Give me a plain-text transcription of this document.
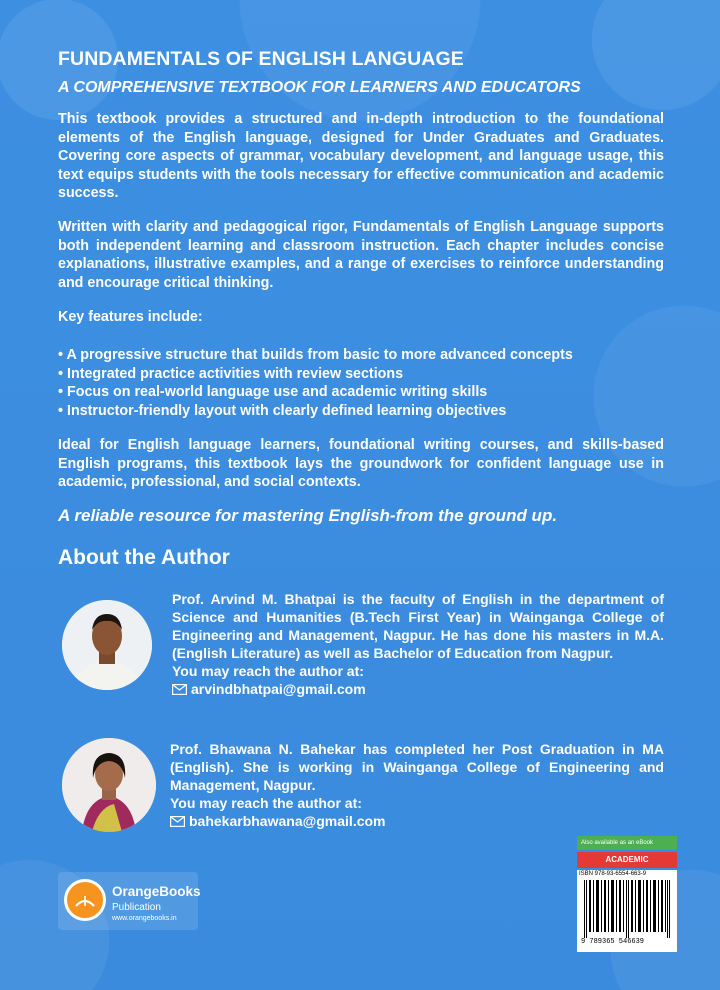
FUNDAMENTALS OF ENGLISH LANGUAGE
A COMPREHENSIVE TEXTBOOK FOR LEARNERS AND EDUCATORS

This textbook provides a structured and in-depth introduction to the foundational elements of the English language, designed for Under Graduates and Graduates. Covering core aspects of grammar, vocabulary development, and language usage, this text equips students with the tools necessary for effective communication and academic success.

Written with clarity and pedagogical rigor, Fundamentals of English Language supports both independent learning and classroom instruction. Each chapter includes concise explanations, illustrative examples, and a range of exercises to reinforce understanding and encourage critical thinking.

Key features include:
• A progressive structure that builds from basic to more advanced concepts
• Integrated practice activities with review sections
• Focus on real-world language use and academic writing skills
• Instructor-friendly layout with clearly defined learning objectives

Ideal for English language learners, foundational writing courses, and skills-based English programs, this textbook lays the groundwork for confident language use in academic, professional, and social contexts.

A reliable resource for mastering English-from the ground up.
About the Author
Prof. Arvind M. Bhatpai is the faculty of English in the department of Science and Humanities (B.Tech First Year) in Wainganga College of Engineering and Management, Nagpur. He has done his masters in M.A.(English Literature) as well as Bachelor of Education from Nagpur.
You may reach the author at:
arvindbhatpai@gmail.com
Prof. Bhawana N. Bahekar has completed her Post Graduation in MA (English). She is working in Wainganga College of Engineering and Management, Nagpur.
You may reach the author at:
bahekarbhawana@gmail.com
OrangeBooks
Publication
www.orangebooks.in
Also available as an eBook
ACADEMIC
ISBN 978-93-6554-663-9
9 789365 546639
